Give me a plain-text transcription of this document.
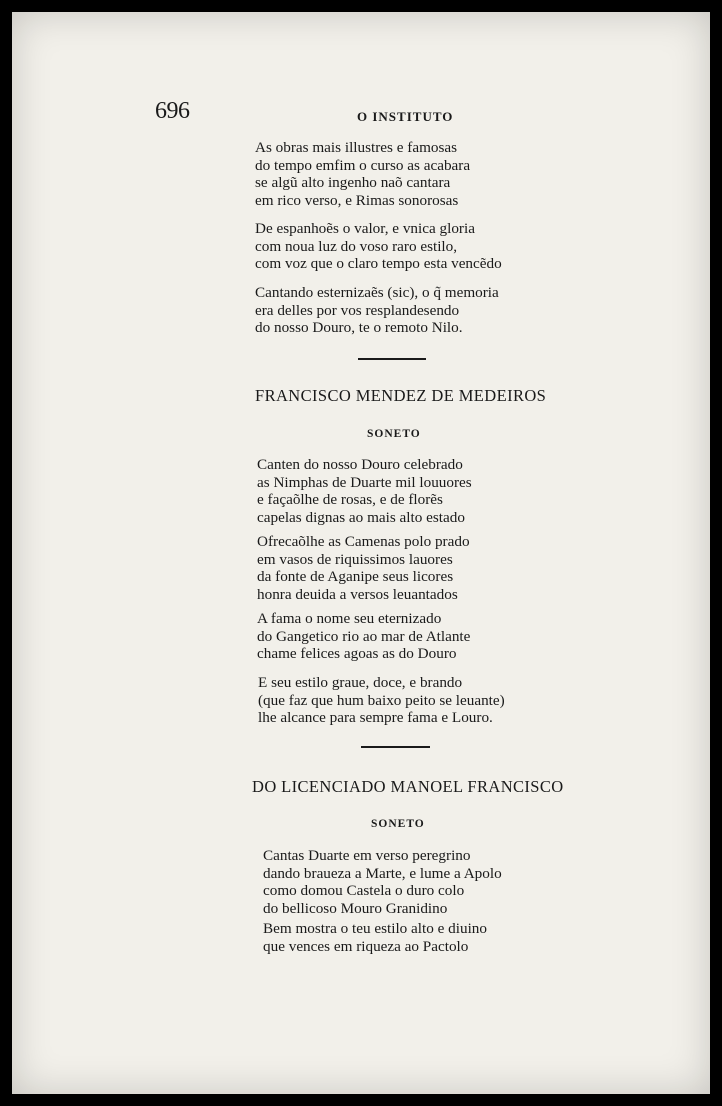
696	O INSTITUTO
As obras mais illustres e famosas
do tempo emfim o curso as acabara
se algũ alto ingenho naõ cantara
em rico verso, e Rimas sonorosas
De espanhoẽs o valor, e vnica gloria
com noua luz do voso raro estilo,
com voz que o claro tempo esta vencẽdo
Cantando esternizaẽs (sic), o q̃ memoria
era delles por vos resplandesendo
do nosso Douro, te o remoto Nilo.
FRANCISCO MENDEZ DE MEDEIROS
SONETO
Canten do nosso Douro celebrado
as Nimphas de Duarte mil louuores
e façaõlhe de rosas, e de florẽs
capelas dignas ao mais alto estado
Ofrecaõlhe as Camenas polo prado
em vasos de riquissimos lauores
da fonte de Aganipe seus licores
honra deuida a versos leuantados
A fama o nome seu eternizado
do Gangetico rio ao mar de Atlante
chame felices agoas as do Douro
E seu estilo graue, doce, e brando
(que faz que hum baixo peito se leuante)
lhe alcance para sempre fama e Louro.
DO LICENCIADO MANOEL FRANCISCO
SONETO
Cantas Duarte em verso peregrino
dando braueza a Marte, e lume a Apolo
como domou Castela o duro colo
do bellicoso Mouro Granidino
Bem mostra o teu estilo alto e diuino
que vences em riqueza ao Pactolo
